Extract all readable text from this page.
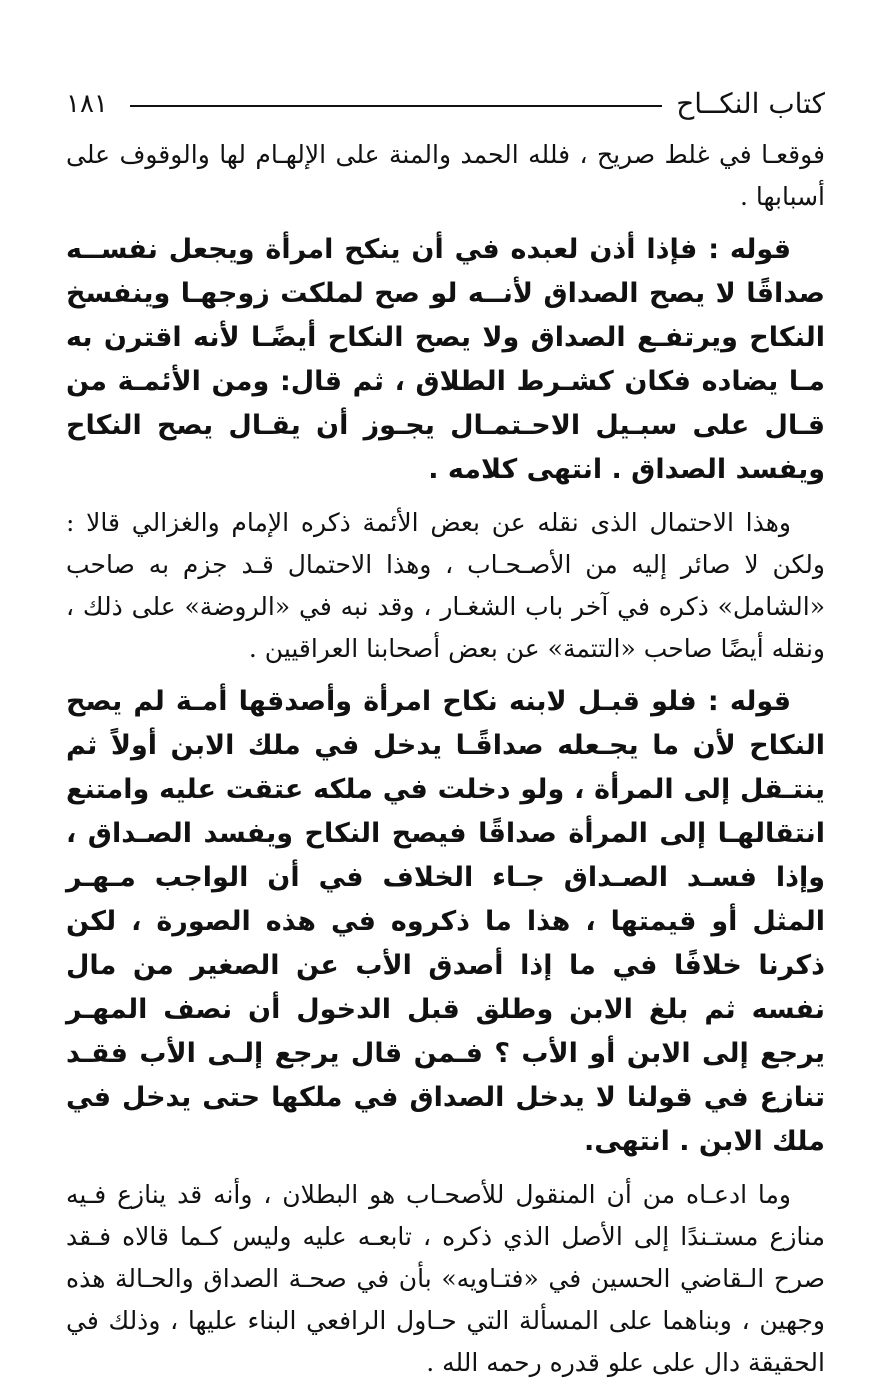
كتاب النكــاح
١٨١

فوقعـا في غلط صريح ، فلله الحمد والمنة على الإلهـام لها والوقوف على أسبابها .

قوله : فإذا أذن لعبده في أن ينكح امرأة ويجعل نفســه صداقًا لا يصح الصداق لأنــه لو صح لملكت زوجهـا وينفسخ النكاح ويرتفـع الصداق ولا يصح النكاح أيضًـا لأنه اقترن به مـا يضاده فكان كشـرط الطلاق ، ثم قال: ومن الأئمـة من قـال على سبـيل الاحـتمـال يجـوز أن يقـال يصح النكاح ويفسد الصداق . انتهى كلامه .

وهذا الاحتمال الذى نقله عن بعض الأئمة ذكره الإمام والغزالي قالا : ولكن لا صائر إليه من الأصـحـاب ، وهذا الاحتمال قـد جزم به صاحب «الشامل» ذكره في آخر باب الشغـار ، وقد نبه في «الروضة» على ذلك ، ونقله أيضًا صاحب «التتمة» عن بعض أصحابنا العراقيين .

قوله : فلو قبـل لابنه نكاح امرأة وأصدقها أمـة لم يصح النكاح لأن ما يجـعله صداقًـا يدخل في ملك الابن أولاً ثم ينتـقل إلى المرأة ، ولو دخلت في ملكه عتقت عليه وامتنع انتقالهـا إلى المرأة صداقًا فيصح النكاح ويفسد الصـداق ، وإذا فسـد الصـداق جـاء الخلاف في أن الواجب مـهـر المثل أو قيمتها ، هذا ما ذكروه في هذه الصورة ، لكن ذكرنا خلافًا في ما إذا أصدق الأب عن الصغير من مال نفسه ثم بلغ الابن وطلق قبل الدخول أن نصف المهـر يرجع إلى الابن أو الأب ؟ فـمن قال يرجع إلـى الأب فقـد تنازع في قولنا لا يدخل الصداق في ملكها حتى يدخل في ملك الابن . انتهى.

وما ادعـاه من أن المنقول للأصحـاب هو البطلان ، وأنه قد ينازع فـيه منازع مستـندًا إلى الأصل الذي ذكره ، تابعـه عليه وليس كـما قالاه فـقد صرح الـقاضي الحسين في «فتـاويه» بأن في صحـة الصداق والحـالة هذه وجهين ، وبناهما على المسألة التي حـاول الرافعي البناء عليها ، وذلك في الحقيقة دال على علو قدره رحمه الله .
